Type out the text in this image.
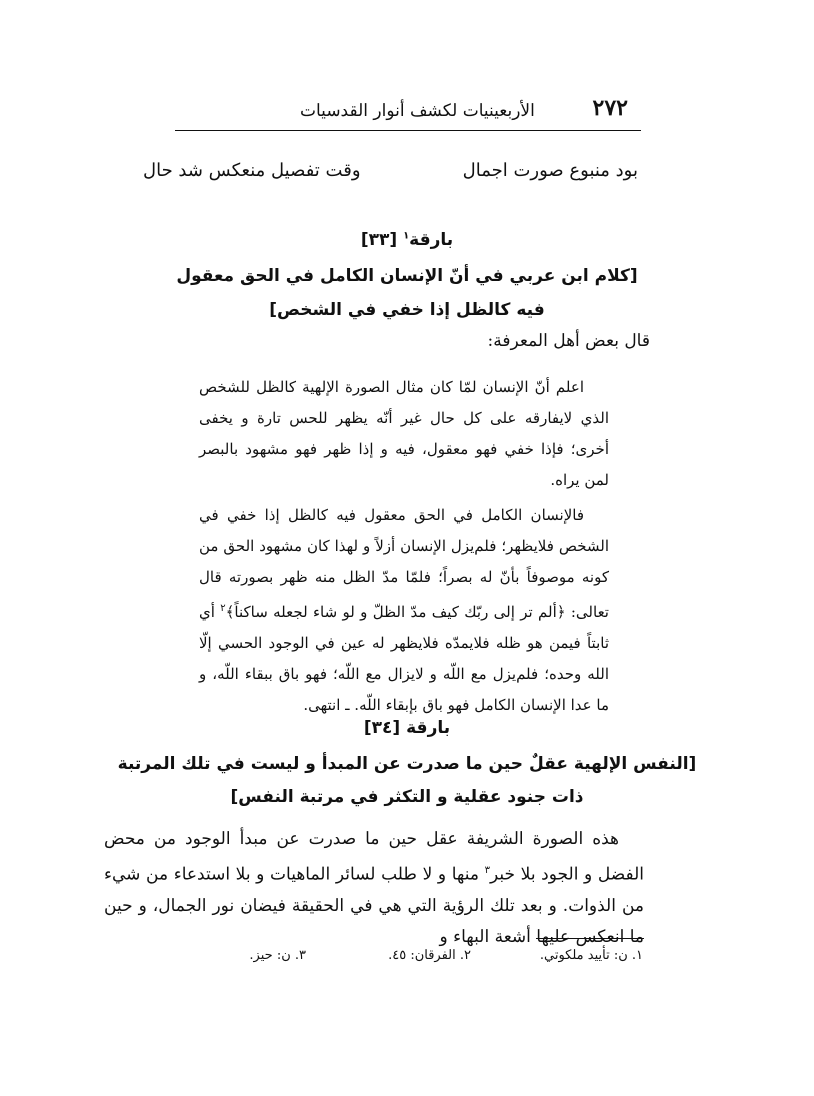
٢٧٢
الأربعينيات لكشف أنوار القدسيات
بود منبوع صورت اجمال
وقت تفصيل منعكس شد حال
بارقة$^١$ [٣٣]
[كلام ابن عربي في أنّ الإنسان الكامل في الحق معقول
فيه كالظل إذا خفي في الشخص]
قال بعض أهل المعرفة:

اعلم أنّ الإنسان لمّا كان مثال الصورة الإلهية كالظل للشخص الذي لايفارقه على كل حال غير أنّه يظهر للحس تارة و يخفى أخرى؛ فإذا خفي فهو معقول، فيه و إذا ظهر فهو مشهود بالبصر لمن يراه.

فالإنسان الكامل في الحق معقول فيه كالظل إذا خفي في الشخص فلايظهر؛ فلم‌يزل الإنسان أزلاً و لهذا كان مشهود الحق من كونه موصوفاً بأنّ له بصراً؛ فلمّا مدّ الظل منه ظهر بصورته قال تعالى: ﴿ألم تر إلى ربّك كيف مدّ الظلّ و لو شاء لجعله ساكناً﴾$^٢$ أي ثابتاً فيمن هو ظله فلايمدّه فلايظهر له عين في الوجود الحسي إلّا الله وحده؛ فلم‌يزل مع اللّه و لايزال مع اللّه؛ فهو باق ببقاء اللّه، و ما عدا الإنسان الكامل فهو باق بإبقاء اللّه. ـ انتهى.

بارقة [٣٤]
[النفس الإلهية عقلٌ حين ما صدرت عن المبدأ و ليست في تلك المرتبة
ذات جنود عقلية و التكثر في مرتبة النفس]
هذه الصورة الشريفة عقل حين ما صدرت عن مبدأ الوجود من محض الفضل و الجود بلا خبر$^٣$ منها و لا طلب لسائر الماهيات و بلا استدعاء من شيء من الذوات. و بعد تلك الرؤية التي هي في الحقيقة فيضان نور الجمال، و حين ما انعكس عليها أشعة البهاء و
١. ن: تأييد ملكوتي.
٢. الفرقان: ٤٥.
٣. ن: حيز.
